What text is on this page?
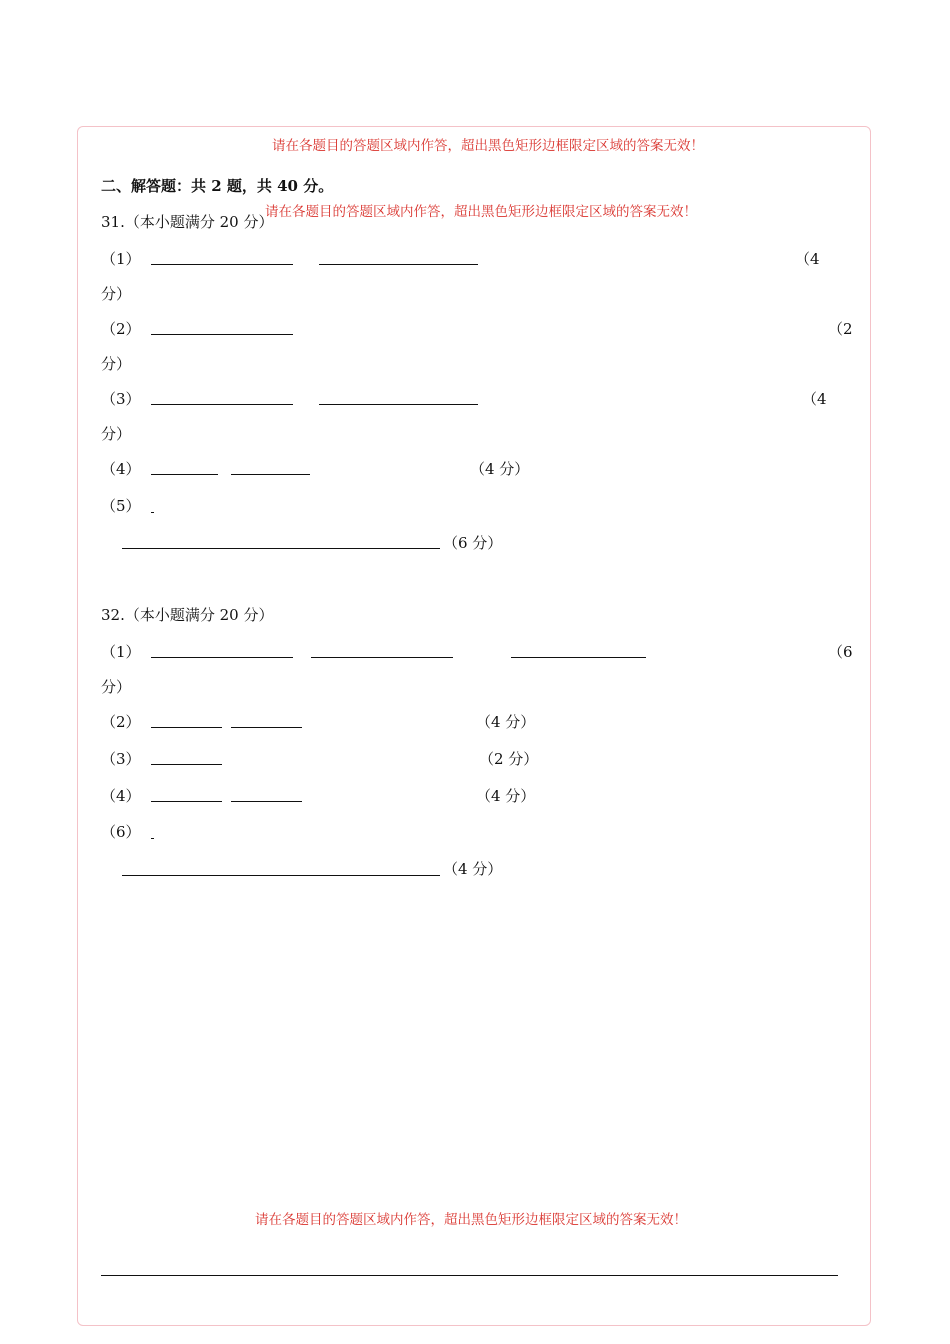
请在各题目的答题区域内作答，超出黑色矩形边框限定区域的答案无效！
二、解答题：共 2 题，共 40 分。
请在各题目的答题区域内作答，超出黑色矩形边框限定区域的答案无效！
31.（本小题满分 20 分）
（1）	（4
分）
（2）	（2
分）
（3）	（4
分）
（4）	（4 分）
（5）
（6 分）
32.（本小题满分 20 分）
（1）	（6
分）
（2）	（4 分）
（3）	（2 分）
（4）	（4 分）
（6）
（4 分）
请在各题目的答题区域内作答，超出黑色矩形边框限定区域的答案无效！
